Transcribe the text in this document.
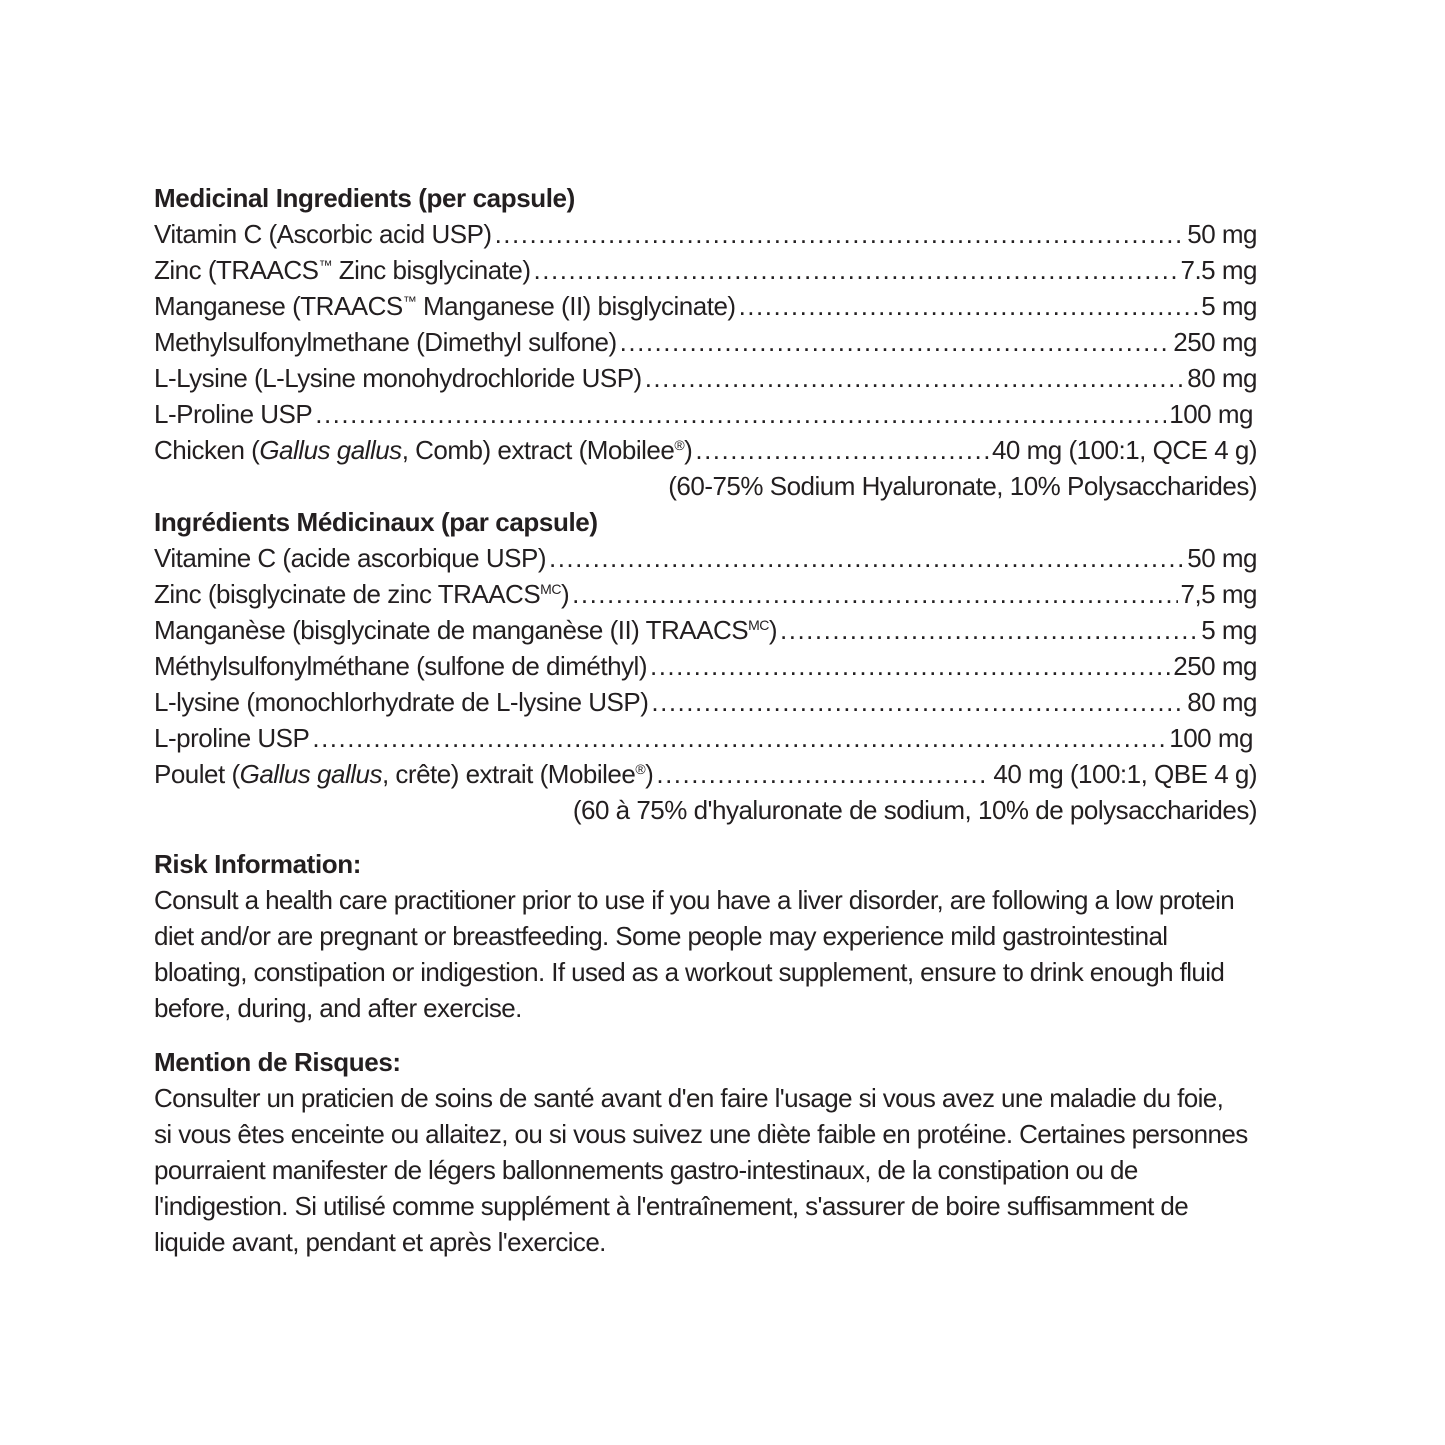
Medicinal Ingredients (per capsule)
Vitamin C (Ascorbic acid USP) .....	50 mg
Zinc (TRAACS™ Zinc bisglycinate) .....	7.5 mg
Manganese (TRAACS™ Manganese (II) bisglycinate) .....	5 mg
Methylsulfonylmethane (Dimethyl sulfone) .....	250 mg
L-Lysine (L-Lysine monohydrochloride USP) .....	80 mg
L-Proline USP .....	100 mg
Chicken (Gallus gallus, Comb) extract (Mobilee®) .....	40 mg (100:1, QCE 4 g)
(60-75% Sodium Hyaluronate, 10% Polysaccharides)
Ingrédients Médicinaux (par capsule)
Vitamine C (acide ascorbique USP) .....	50 mg
Zinc (bisglycinate de zinc $TRAACS^{MC}$) .....	7,5 mg
Manganèse (bisglycinate de manganèse (II) $TRAACS^{MC}$) .....	5 mg
Méthylsulfonylméthane (sulfone de diméthyl) .....	250 mg
L-lysine (monochlorhydrate de L-lysine USP) .....	80 mg
L-proline USP .....	100 mg
Poulet (Gallus gallus, crête) extrait (Mobilee®) .....	40 mg (100:1, QBE 4 g)
(60 à 75% d'hyaluronate de sodium, 10% de polysaccharides)
Risk Information:

Consult a health care practitioner prior to use if you have a liver disorder, are following a low protein
diet and/or are pregnant or breastfeeding. Some people may experience mild gastrointestinal
bloating, constipation or indigestion. If used as a workout supplement, ensure to drink enough fluid
before, during, and after exercise.

Mention de Risques:

Consulter un praticien de soins de santé avant d'en faire l'usage si vous avez une maladie du foie,
si vous êtes enceinte ou allaitez, ou si vous suivez une diète faible en protéine. Certaines personnes
pourraient manifester de légers ballonnements gastro-intestinaux, de la constipation ou de
l'indigestion. Si utilisé comme supplément à l'entraînement, s'assurer de boire suffisamment de
liquide avant, pendant et après l'exercice.
